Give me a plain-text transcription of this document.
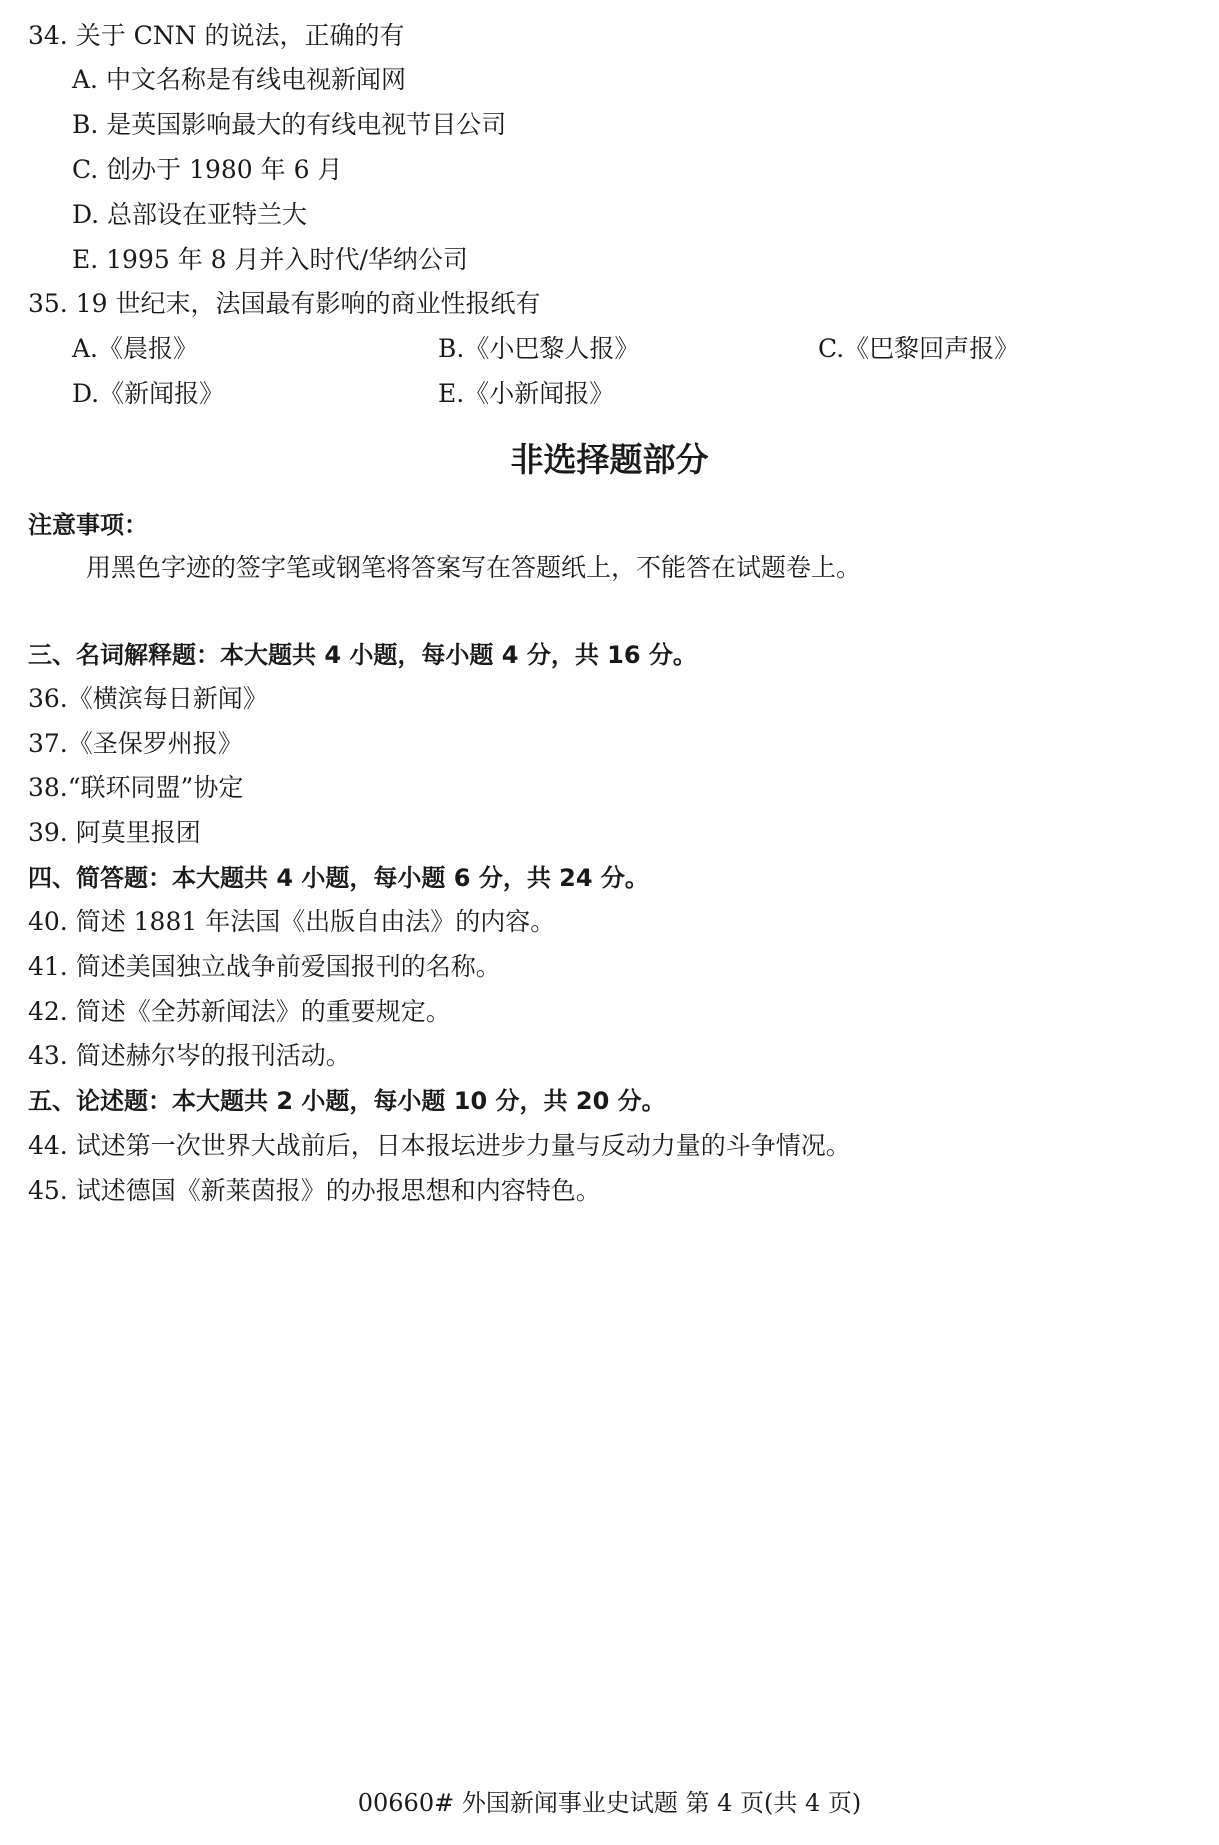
34. 关于 CNN 的说法，正确的有
A. 中文名称是有线电视新闻网
B. 是英国影响最大的有线电视节目公司
C. 创办于 1980 年 6 月
D. 总部设在亚特兰大
E. 1995 年 8 月并入时代/华纳公司
35. 19 世纪末，法国最有影响的商业性报纸有
A.《晨报》	B.《小巴黎人报》	C.《巴黎回声报》
D.《新闻报》	E.《小新闻报》
非选择题部分
注意事项：
用黑色字迹的签字笔或钢笔将答案写在答题纸上，不能答在试题卷上。
三、名词解释题：本大题共 4 小题，每小题 4 分，共 16 分。
36.《横滨每日新闻》
37.《圣保罗州报》
38.“联环同盟”协定
39. 阿莫里报团
四、简答题：本大题共 4 小题，每小题 6 分，共 24 分。
40. 简述 1881 年法国《出版自由法》的内容。
41. 简述美国独立战争前爱国报刊的名称。
42. 简述《全苏新闻法》的重要规定。
43. 简述赫尔岑的报刊活动。
五、论述题：本大题共 2 小题，每小题 10 分，共 20 分。
44. 试述第一次世界大战前后，日本报坛进步力量与反动力量的斗争情况。
45. 试述德国《新莱茵报》的办报思想和内容特色。
00660# 外国新闻事业史试题 第 4 页(共 4 页)
